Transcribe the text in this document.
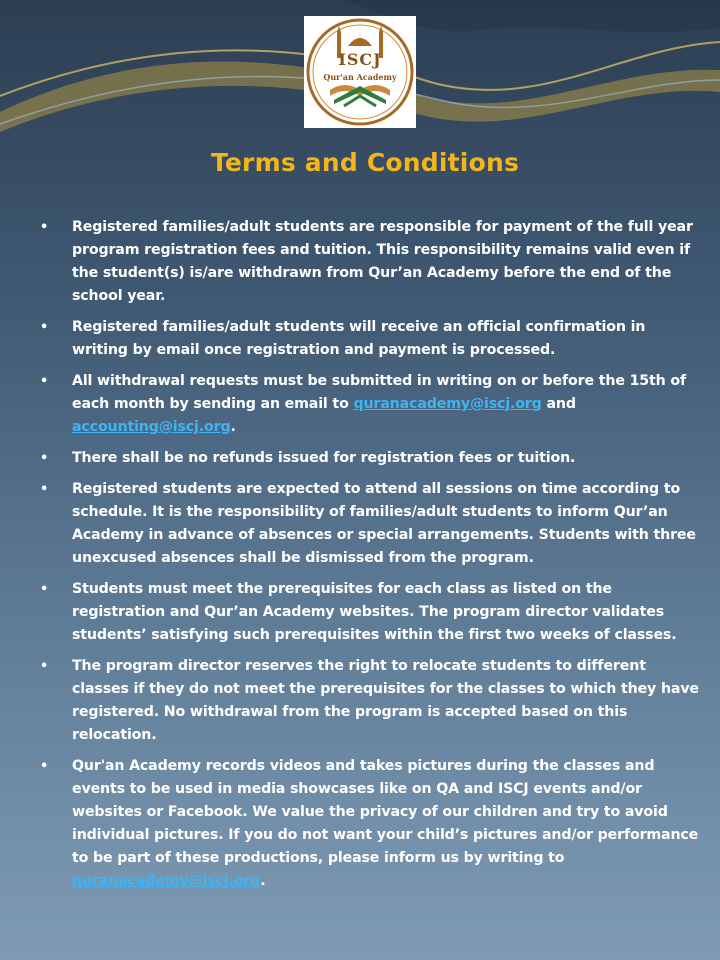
ISCJ
Qur'an Academy
Terms and Conditions
• Registered families/adult students are responsible for payment of the full year program registration fees and tuition. This responsibility remains valid even if the student(s) is/are withdrawn from Qur’an Academy before the end of the school year.
• Registered families/adult students will receive an official confirmation in writing by email once registration and payment is processed.
• All withdrawal requests must be submitted in writing on or before the 15th of each month by sending an email to quranacademy@iscj.org and accounting@iscj.org.
• There shall be no refunds issued for registration fees or tuition.
• Registered students are expected to attend all sessions on time according to schedule. It is the responsibility of families/adult students to inform Qur’an Academy in advance of absences or special arrangements. Students with three unexcused absences shall be dismissed from the program.
• Students must meet the prerequisites for each class as listed on the registration and Qur’an Academy websites. The program director validates students’ satisfying such prerequisites within the first two weeks of classes.
• The program director reserves the right to relocate students to different classes if they do not meet the prerequisites for the classes to which they have registered. No withdrawal from the program is accepted based on this relocation.
• Qur'an Academy records videos and takes pictures during the classes and events to be used in media showcases like on QA and ISCJ events and/or websites or Facebook. We value the privacy of our children and try to avoid individual pictures. If you do not want your child’s pictures and/or performance to be part of these productions, please inform us by writing to quranacademy@iscj.org.
